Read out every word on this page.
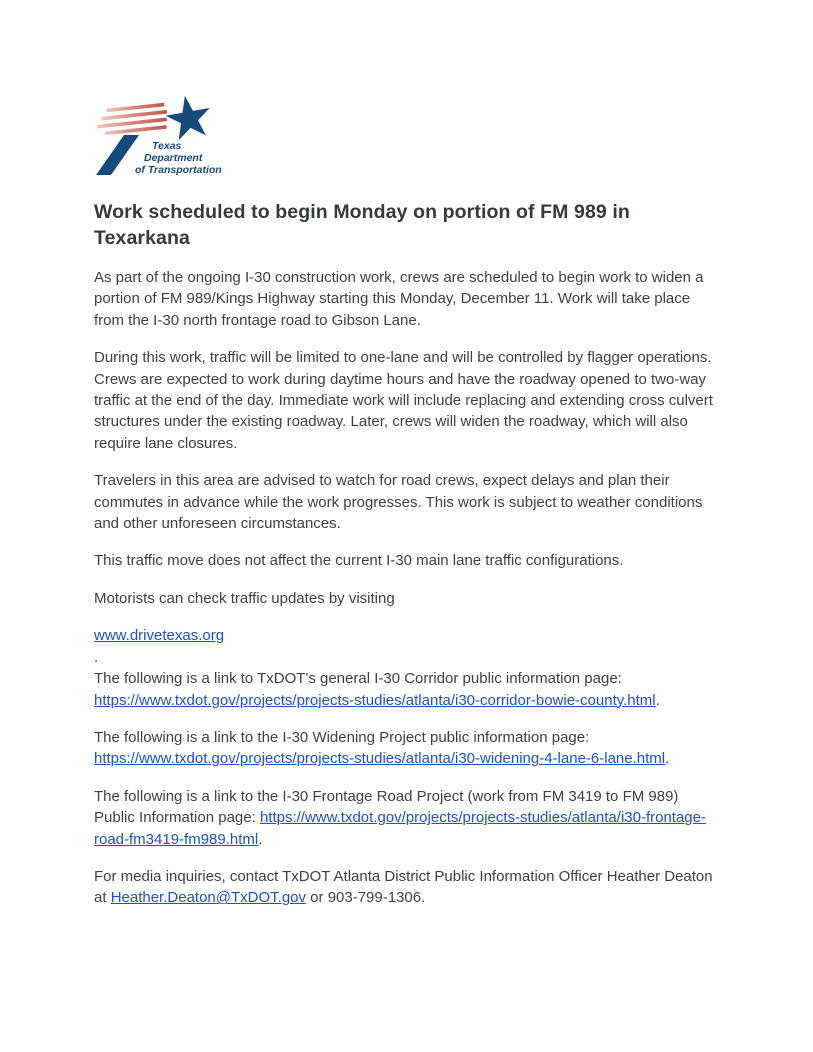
Texas
Department
of Transportation
Work scheduled to begin Monday on portion of FM 989 in Texarkana

As part of the ongoing I-30 construction work, crews are scheduled to begin work to widen a portion of FM 989/Kings Highway starting this Monday, December 11. Work will take place from the I-30 north frontage road to Gibson Lane.

During this work, traffic will be limited to one-lane and will be controlled by flagger operations. Crews are expected to work during daytime hours and have the roadway opened to two-way traffic at the end of the day. Immediate work will include replacing and extending cross culvert structures under the existing roadway. Later, crews will widen the roadway, which will also require lane closures.

Travelers in this area are advised to watch for road crews, expect delays and plan their commutes in advance while the work progresses. This work is subject to weather conditions and other unforeseen circumstances.

This traffic move does not affect the current I-30 main lane traffic configurations.

Motorists can check traffic updates by visiting

www.drivetexas.org
.
The following is a link to TxDOT's general I-30 Corridor public information page: https://www.txdot.gov/projects/projects-studies/atlanta/i30-corridor-bowie-county.html.

The following is a link to the I-30 Widening Project public information page: https://www.txdot.gov/projects/projects-studies/atlanta/i30-widening-4-lane-6-lane.html.

The following is a link to the I-30 Frontage Road Project (work from FM 3419 to FM 989) Public Information page: https://www.txdot.gov/projects/projects-studies/atlanta/i30-frontage-road-fm3419-fm989.html.

For media inquiries, contact TxDOT Atlanta District Public Information Officer Heather Deaton at Heather.Deaton@TxDOT.gov or 903-799-1306.
